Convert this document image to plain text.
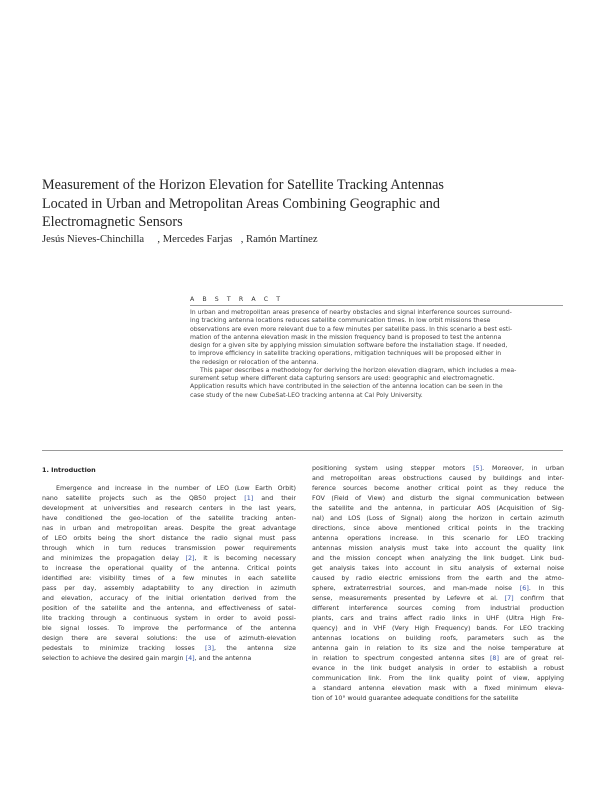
Measurement of the Horizon Elevation for Satellite Tracking Antennas
Located in Urban and Metropolitan Areas Combining Geographic and
Electromagnetic Sensors
Jesús Nieves-Chinchilla , Mercedes Farjas , Ramón Martínez
A B S T R A C T

In urban and metropolitan areas presence of nearby obstacles and signal interference sources surround-
ing tracking antenna locations reduces satellite communication times. In low orbit missions these
observations are even more relevant due to a few minutes per satellite pass. In this scenario a best esti-
mation of the antenna elevation mask in the mission frequency band is proposed to test the antenna
design for a given site by applying mission simulation software before the installation stage. If needed,
to improve efficiency in satellite tracking operations, mitigation techniques will be proposed either in
the redesign or relocation of the antenna.

This paper describes a methodology for deriving the horizon elevation diagram, which includes a mea-
surement setup where different data capturing sensors are used: geographic and electromagnetic.
Application results which have contributed in the selection of the antenna location can be seen in the
case study of the new CubeSat-LEO tracking antenna at Cal Poly University.

1. Introduction
Emergence and increase in the number of LEO (Low Earth Orbit)
nano satellite projects such as the QB50 project [1] and their
development at universities and research centers in the last years,
have conditioned the geo-location of the satellite tracking anten-
nas in urban and metropolitan areas. Despite the great advantage
of LEO orbits being the short distance the radio signal must pass
through which in turn reduces transmission power requirements
and minimizes the propagation delay [2], it is becoming necessary
to increase the operational quality of the antenna. Critical points
identified are: visibility times of a few minutes in each satellite
pass per day, assembly adaptability to any direction in azimuth
and elevation, accuracy of the initial orientation derived from the
position of the satellite and the antenna, and effectiveness of satel-
lite tracking through a continuous system in order to avoid possi-
ble signal losses. To improve the performance of the antenna
design there are several solutions: the use of azimuth-elevation
pedestals to minimize tracking losses [3], the antenna size
selection to achieve the desired gain margin [4], and the antenna
positioning system using stepper motors [5]. Moreover, in urban
and metropolitan areas obstructions caused by buildings and inter-
ference sources become another critical point as they reduce the
FOV (Field of View) and disturb the signal communication between
the satellite and the antenna, in particular AOS (Acquisition of Sig-
nal) and LOS (Loss of Signal) along the horizon in certain azimuth
directions, since above mentioned critical points in the tracking
antenna operations increase. In this scenario for LEO tracking
antennas mission analysis must take into account the quality link
and the mission concept when analyzing the link budget. Link bud-
get analysis takes into account in situ analysis of external noise
caused by radio electric emissions from the earth and the atmo-
sphere, extraterrestrial sources, and man-made noise [6]. In this
sense, measurements presented by Lefevre et al. [7] confirm that
different interference sources coming from industrial production
plants, cars and trains affect radio links in UHF (Ultra High Fre-
quency) and in VHF (Very High Frequency) bands. For LEO tracking
antennas locations on building roofs, parameters such as the
antenna gain in relation to its size and the noise temperature at
in relation to spectrum congested antenna sites [8] are of great rel-
evance in the link budget analysis in order to establish a robust
communication link. From the link quality point of view, applying
a standard antenna elevation mask with a fixed minimum eleva-
tion of 10° would guarantee adequate conditions for the satellite
